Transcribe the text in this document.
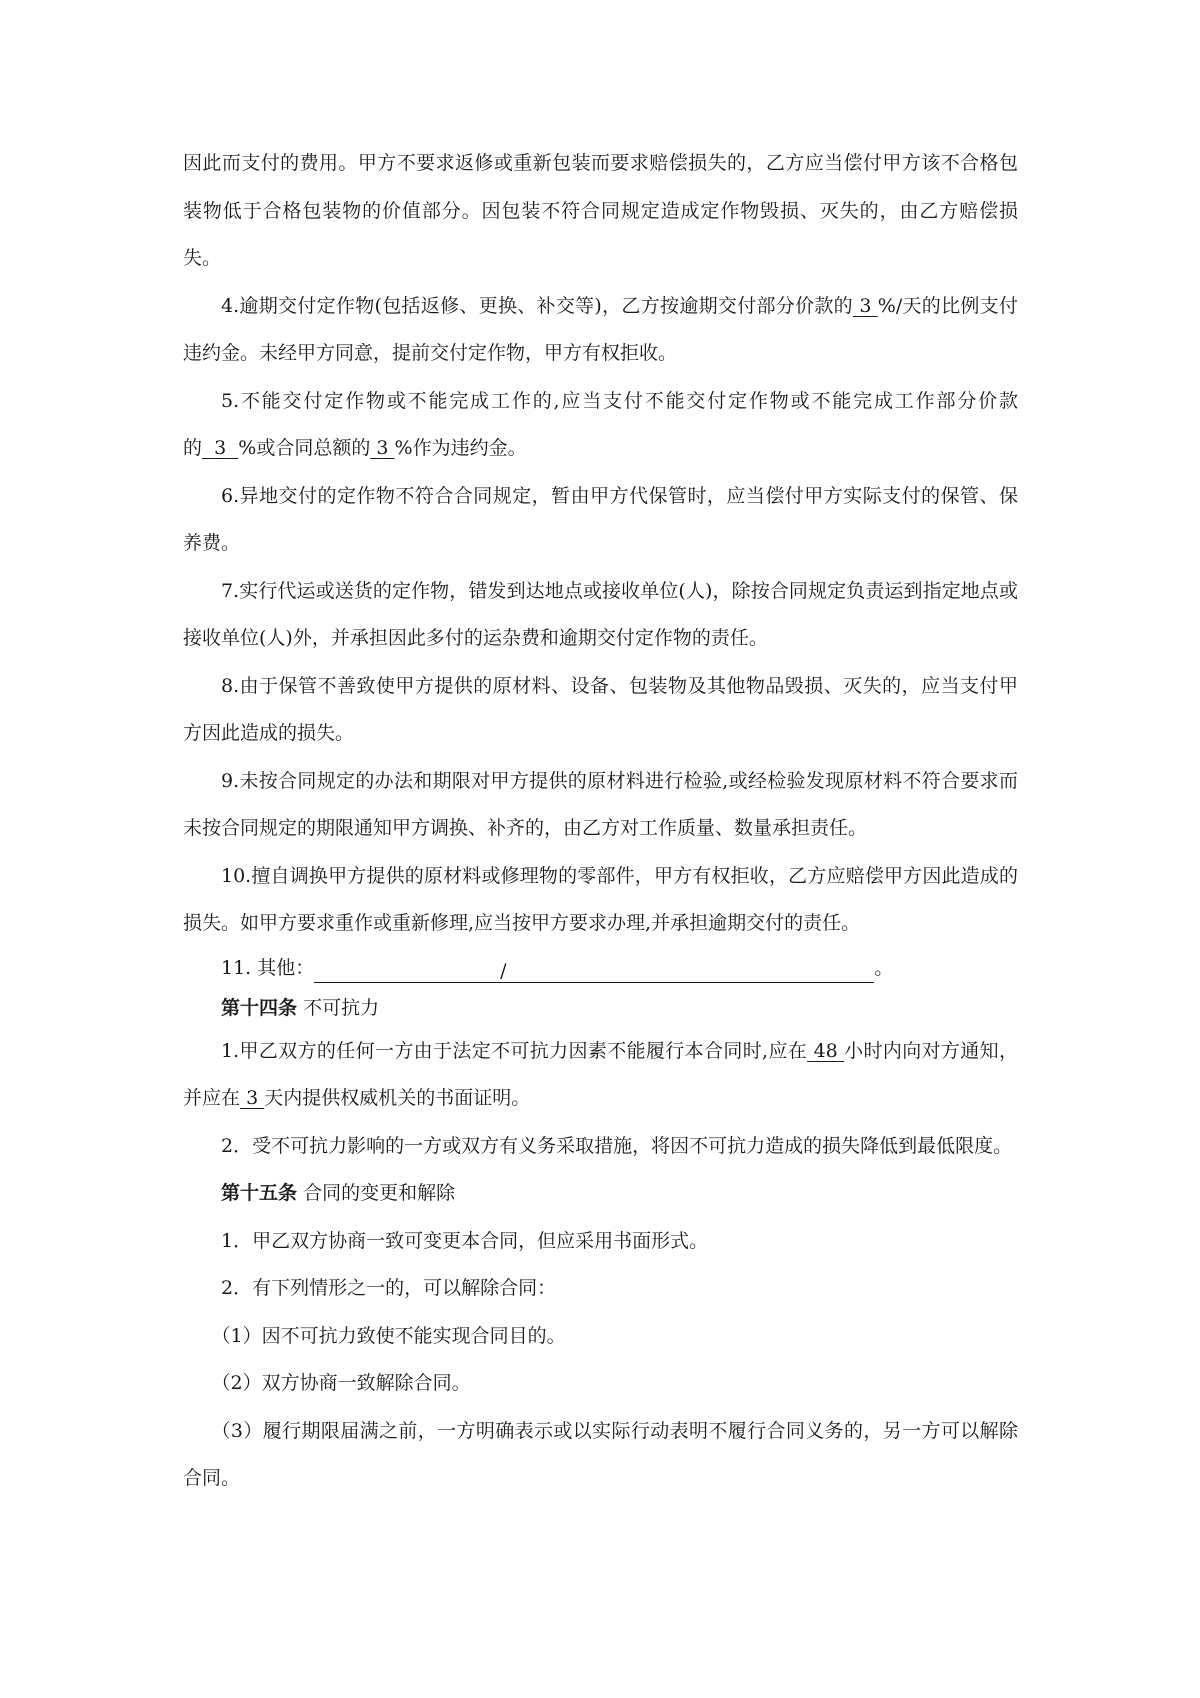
因此而支付的费用。甲方不要求返修或重新包装而要求赔偿损失的，乙方应当偿付甲方该不合格包装物低于合格包装物的价值部分。因包装不符合同规定造成定作物毁损、灭失的，由乙方赔偿损失。

4.逾期交付定作物(包括返修、更换、补交等)，乙方按逾期交付部分价款的 3 %/天的比例支付违约金。未经甲方同意，提前交付定作物，甲方有权拒收。

5.不能交付定作物或不能完成工作的,应当支付不能交付定作物或不能完成工作部分价款的 3 %或合同总额的 3 %作为违约金。

6.异地交付的定作物不符合合同规定，暂由甲方代保管时，应当偿付甲方实际支付的保管、保养费。

7.实行代运或送货的定作物，错发到达地点或接收单位(人)，除按合同规定负责运到指定地点或接收单位(人)外，并承担因此多付的运杂费和逾期交付定作物的责任。

8.由于保管不善致使甲方提供的原材料、设备、包装物及其他物品毁损、灭失的，应当支付甲方因此造成的损失。

9.未按合同规定的办法和期限对甲方提供的原材料进行检验,或经检验发现原材料不符合要求而未按合同规定的期限通知甲方调换、补齐的，由乙方对工作质量、数量承担责任。

10.擅自调换甲方提供的原材料或修理物的零部件，甲方有权拒收，乙方应赔偿甲方因此造成的损失。如甲方要求重作或重新修理,应当按甲方要求办理,并承担逾期交付的责任。

11. 其他：	/	。

第十四条 不可抗力

1.甲乙双方的任何一方由于法定不可抗力因素不能履行本合同时,应在 48 小时内向对方通知，并应在 3 天内提供权威机关的书面证明。

2．受不可抗力影响的一方或双方有义务采取措施，将因不可抗力造成的损失降低到最低限度。

第十五条 合同的变更和解除

1．甲乙双方协商一致可变更本合同，但应采用书面形式。

2．有下列情形之一的，可以解除合同：

（1）因不可抗力致使不能实现合同目的。

（2）双方协商一致解除合同。

（3）履行期限届满之前，一方明确表示或以实际行动表明不履行合同义务的，另一方可以解除合同。
